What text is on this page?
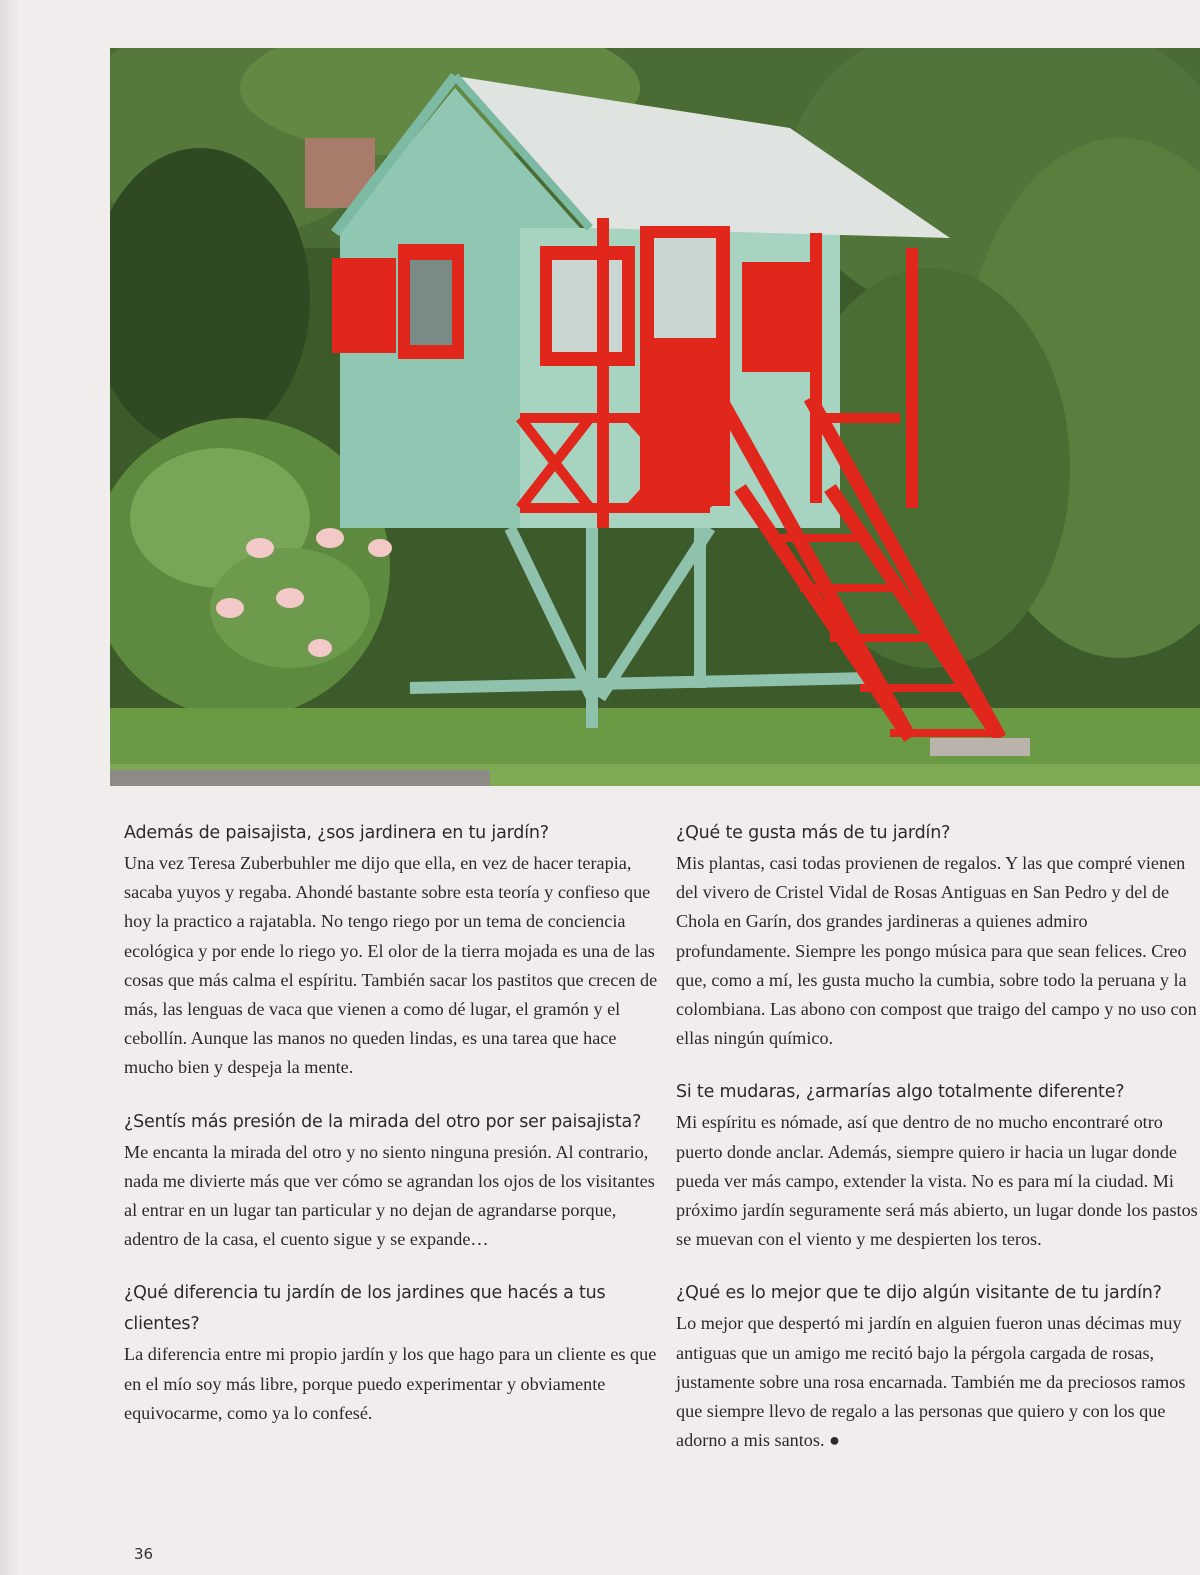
Además de paisajista, ¿sos jardinera en tu jardín?

Una vez Teresa Zuberbuhler me dijo que ella, en vez de hacer terapia, sacaba yuyos y regaba. Ahondé bastante sobre esta teoría y confieso que hoy la practico a rajatabla. No tengo riego por un tema de conciencia ecológica y por ende lo riego yo. El olor de la tierra mojada es una de las cosas que más calma el espíritu. También sacar los pastitos que crecen de más, las lenguas de vaca que vienen a como dé lugar, el gramón y el cebollín. Aunque las manos no queden lindas, es una tarea que hace mucho bien y despeja la mente.

¿Sentís más presión de la mirada del otro por ser paisajista?

Me encanta la mirada del otro y no siento ninguna presión. Al contrario, nada me divierte más que ver cómo se agrandan los ojos de los visitantes al entrar en un lugar tan particular y no dejan de agrandarse porque, adentro de la casa, el cuento sigue y se expande…

¿Qué diferencia tu jardín de los jardines que hacés a tus clientes?

La diferencia entre mi propio jardín y los que hago para un cliente es que en el mío soy más libre, porque puedo experimentar y obviamente equivocarme, como ya lo confesé.

¿Qué te gusta más de tu jardín?

Mis plantas, casi todas provienen de regalos. Y las que compré vienen del vivero de Cristel Vidal de Rosas Antiguas en San Pedro y del de Chola en Garín, dos grandes jardineras a quienes admiro profundamente. Siempre les pongo música para que sean felices. Creo que, como a mí, les gusta mucho la cumbia, sobre todo la peruana y la colombiana. Las abono con compost que traigo del campo y no uso con ellas ningún químico.

Si te mudaras, ¿armarías algo totalmente diferente?

Mi espíritu es nómade, así que dentro de no mucho encontraré otro puerto donde anclar. Además, siempre quiero ir hacia un lugar donde pueda ver más campo, extender la vista. No es para mí la ciudad. Mi próximo jardín seguramente será más abierto, un lugar donde los pastos se muevan con el viento y me despierten los teros.

¿Qué es lo mejor que te dijo algún visitante de tu jardín?

Lo mejor que despertó mi jardín en alguien fueron unas décimas muy antiguas que un amigo me recitó bajo la pérgola cargada de rosas, justamente sobre una rosa encarnada. También me da preciosos ramos que siempre llevo de regalo a las personas que quiero y con los que adorno a mis santos. ●

36
